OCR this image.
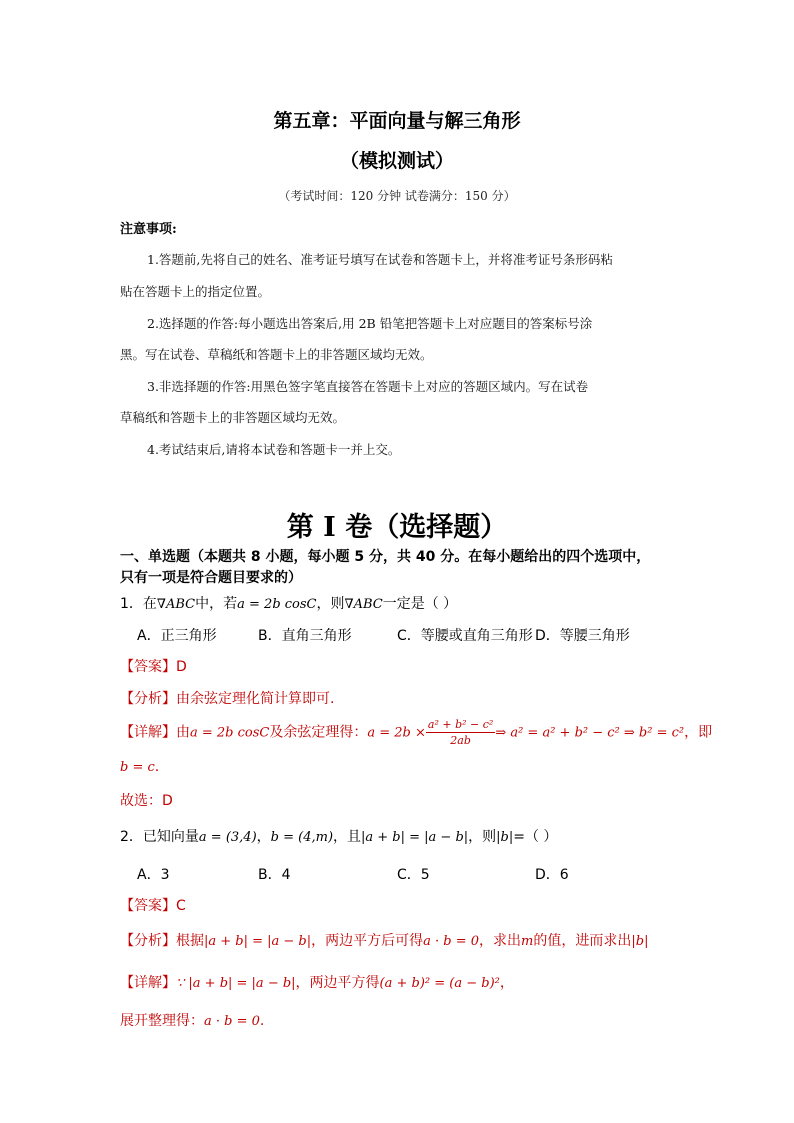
第五章：平面向量与解三角形
（模拟测试）
（考试时间：120 分钟 试卷满分：150 分）
注意事项:
1.答题前,先将自己的姓名、准考证号填写在试卷和答题卡上，并将准考证号条形码粘
贴在答题卡上的指定位置。
2.选择题的作答:每小题选出答案后,用 2B 铅笔把答题卡上对应题目的答案标号涂
黑。写在试卷、草稿纸和答题卡上的非答题区域均无效。
3.非选择题的作答:用黑色签字笔直接答在答题卡上对应的答题区域内。写在试卷
草稿纸和答题卡上的非答题区域均无效。
4.考试结束后,请将本试卷和答题卡一并上交。
第 I 卷（选择题）
一、单选题（本题共 8 小题，每小题 5 分，共 40 分。在每小题给出的四个选项中，
只有一项是符合题目要求的）
1．在∇ABC中，若a = 2b cosC，则∇ABC一定是（ ）
A．正三角形	B．直角三角形	C．等腰或直角三角形 D．等腰三角形
【答案】D
【分析】由余弦定理化简计算即可.
【详解】由a = 2b cosC及余弦定理得：$a = 2b \times \frac{\text{a² + b² − c²}}{2ab}$ ⇒ a² = a² + b² − c² ⇒ b² = c²，即
b = c.
故选：D
2．已知向量a = (3,4)，b = (4,m)，且|a + b| = |a − b|，则|b|=（ ）
A．3	B．4	C．5	D．6
【答案】C
【分析】根据|a + b| = |a − b|，两边平方后可得a · b = 0，求出m的值，进而求出|b|
【详解】∵ |a + b| = |a − b|，两边平方得(a + b)² = (a − b)²，
展开整理得：a · b = 0.
